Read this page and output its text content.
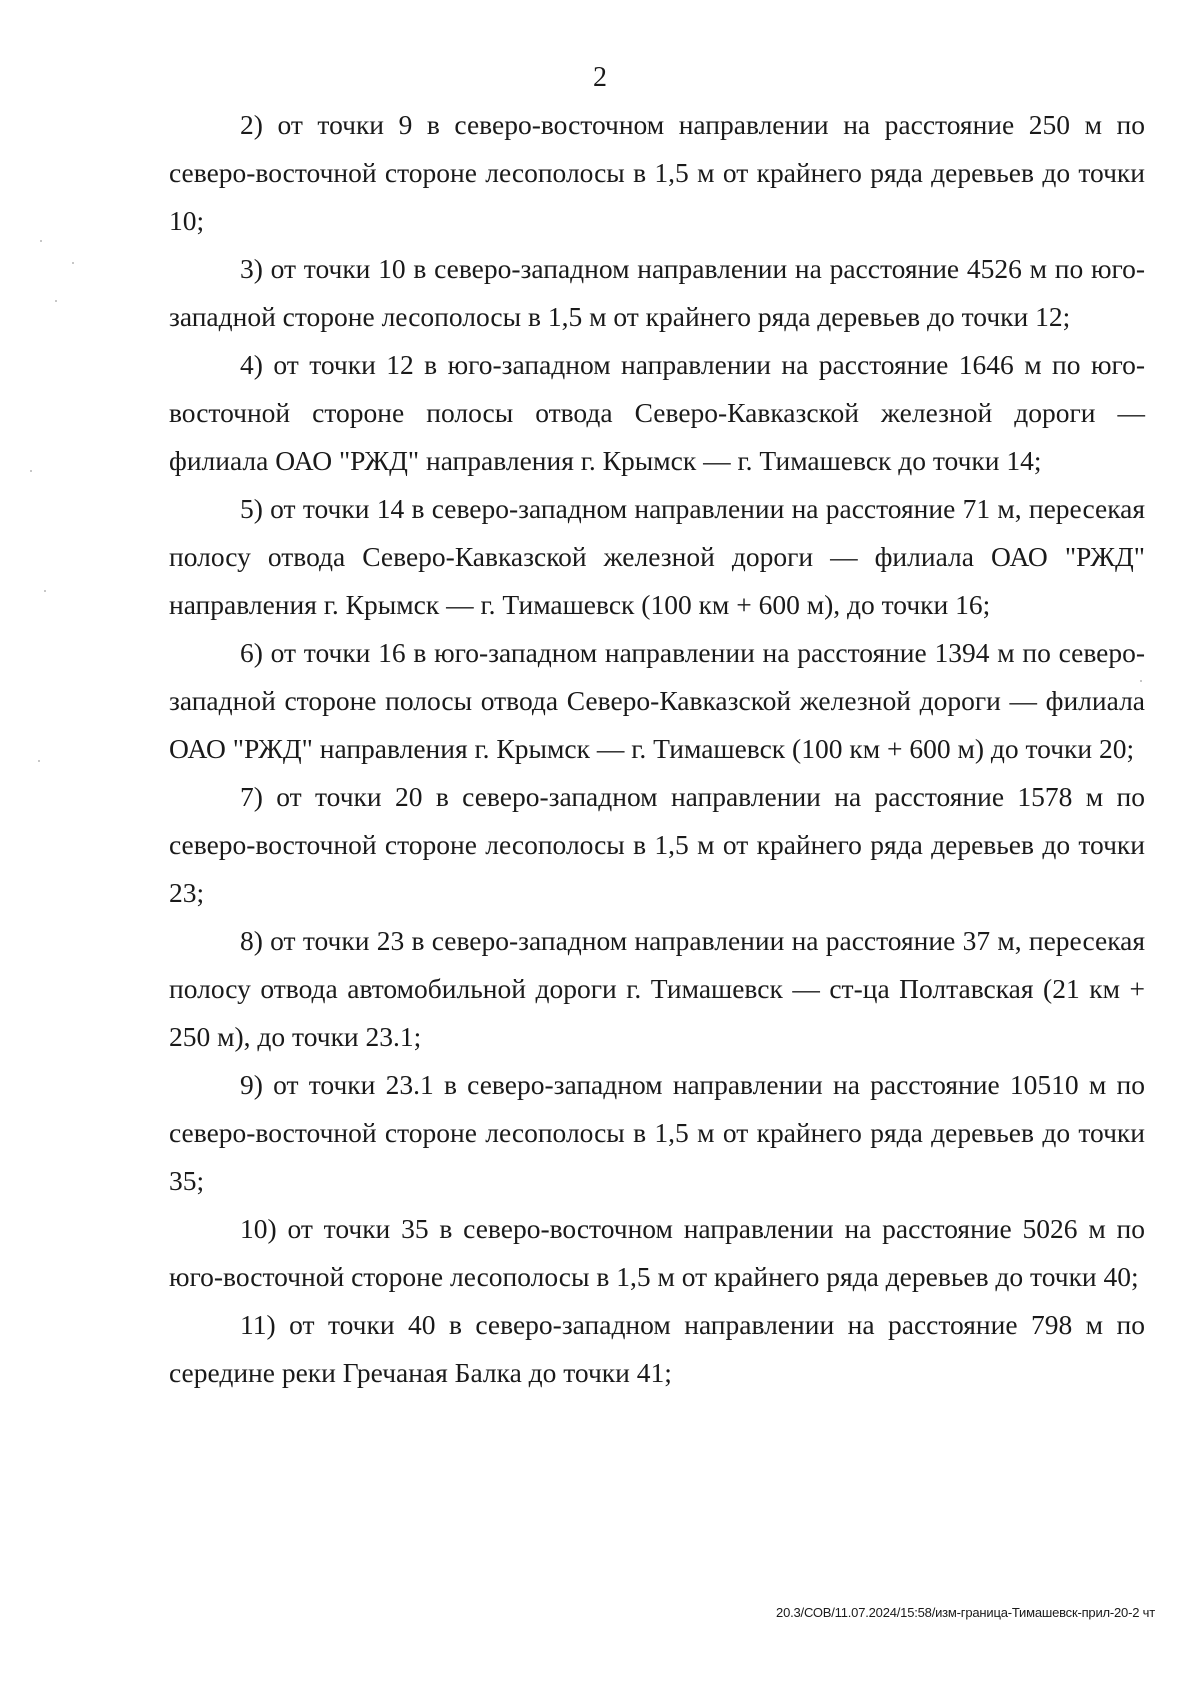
2

2) от точки 9 в северо-восточном направлении на расстояние 250 м по северо-восточной стороне лесополосы в 1,5 м от крайнего ряда деревьев до точки 10;

3) от точки 10 в северо-западном направлении на расстояние 4526 м по юго-западной стороне лесополосы в 1,5 м от крайнего ряда деревьев до точки 12;

4) от точки 12 в юго-западном направлении на расстояние 1646 м по юго-восточной стороне полосы отвода Северо-Кавказской железной дороги — филиала ОАО "РЖД" направления г. Крымск — г. Тимашевск до точки 14;

5) от точки 14 в северо-западном направлении на расстояние 71 м, пересекая полосу отвода Северо-Кавказской железной дороги — филиала ОАО "РЖД" направления г. Крымск — г. Тимашевск (100 км + 600 м), до точки 16;

6) от точки 16 в юго-западном направлении на расстояние 1394 м по северо-западной стороне полосы отвода Северо-Кавказской железной дороги — филиала ОАО "РЖД" направления г. Крымск — г. Тимашевск (100 км + 600 м) до точки 20;

7) от точки 20 в северо-западном направлении на расстояние 1578 м по северо-восточной стороне лесополосы в 1,5 м от крайнего ряда деревьев до точки 23;

8) от точки 23 в северо-западном направлении на расстояние 37 м, пересекая полосу отвода автомобильной дороги г. Тимашевск — ст-ца Полтавская (21 км + 250 м), до точки 23.1;

9) от точки 23.1 в северо-западном направлении на расстояние 10510 м по северо-восточной стороне лесополосы в 1,5 м от крайнего ряда деревьев до точки 35;

10) от точки 35 в северо-восточном направлении на расстояние 5026 м по юго-восточной стороне лесополосы в 1,5 м от крайнего ряда деревьев до точки 40;

11) от точки 40 в северо-западном направлении на расстояние 798 м по середине реки Гречаная Балка до точки 41;

20.3/СОВ/11.07.2024/15:58/изм-граница-Тимашевск-прил-20-2 чт
